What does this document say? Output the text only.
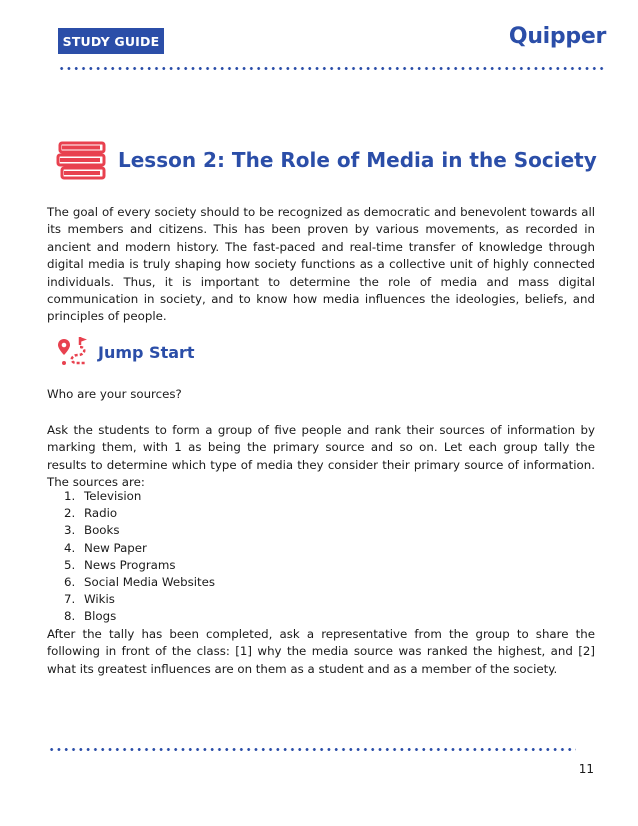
STUDY GUIDE	Quipper
Lesson 2: The Role of Media in the Society
The goal of every society should to be recognized as democratic and benevolent towards all its members and citizens. This has been proven by various movements, as recorded in ancient and modern history. The fast-paced and real-time transfer of knowledge through digital media is truly shaping how society functions as a collective unit of highly connected individuals. Thus, it is important to determine the role of media and mass digital communication in society, and to know how media influences the ideologies, beliefs, and principles of people.
Jump Start
Who are your sources?
Ask the students to form a group of five people and rank their sources of information by marking them, with 1 as being the primary source and so on. Let each group tally the results to determine which type of media they consider their primary source of information. The sources are:
1. Television
2. Radio
3. Books
4. New Paper
5. News Programs
6. Social Media Websites
7. Wikis
8. Blogs
After the tally has been completed, ask a representative from the group to share the following in front of the class: [1] why the media source was ranked the highest, and [2] what its greatest influences are on them as a student and as a member of the society.
11
